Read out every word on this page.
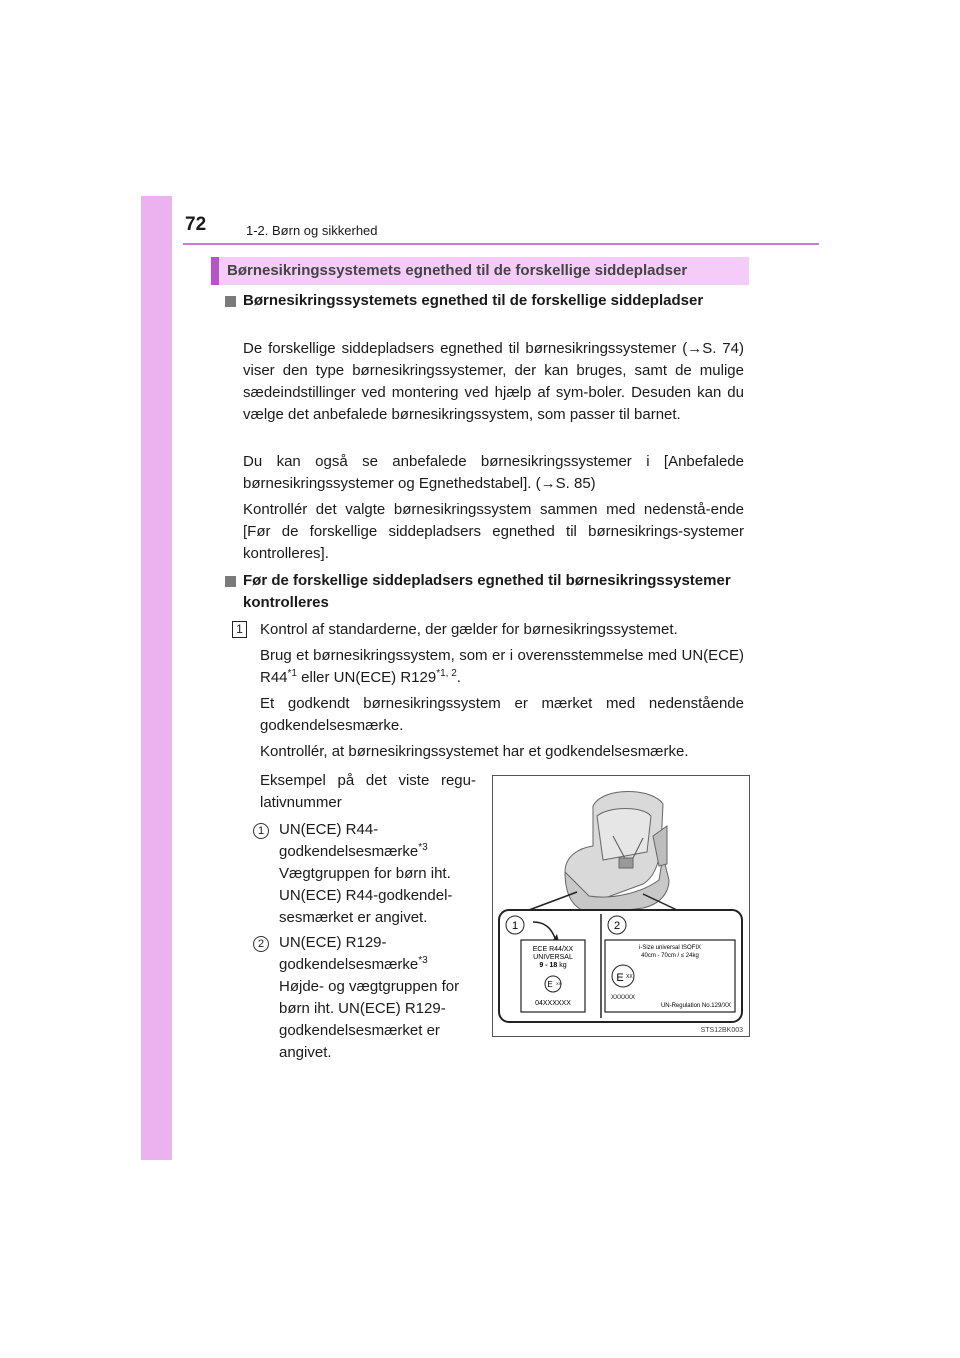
72	1-2. Børn og sikkerhed
Børnesikringssystemets egnethed til de forskellige siddepladser
Børnesikringssystemets egnethed til de forskellige siddepladser
De forskellige siddepladsers egnethed til børnesikringssystemer (→S. 74) viser den type børnesikringssystemer, der kan bruges, samt de mulige sædeindstillinger ved montering ved hjælp af sym-boler. Desuden kan du vælge det anbefalede børnesikringssystem, som passer til barnet.
Du kan også se anbefalede børnesikringssystemer i [Anbefalede børnesikringssystemer og Egnethedstabel]. (→S. 85)
Kontrollér det valgte børnesikringssystem sammen med nedenstå-ende [Før de forskellige siddepladsers egnethed til børnesikrings-systemer kontrolleres].
Før de forskellige siddepladsers egnethed til børnesikringssystemer kontrolleres
1 Kontrol af standarderne, der gælder for børnesikringssystemet.
Brug et børnesikringssystem, som er i overensstemmelse med UN(ECE) R44$^{*1}$ eller UN(ECE) R129$^{*1, 2}$.
Et godkendt børnesikringssystem er mærket med nedenstående godkendelsesmærke.
Kontrollér, at børnesikringssystemet har et godkendelsesmærke.
Eksempel på det viste regu-lativnummer
1 UN(ECE) R44-godkendelsesmærke$^{*3}$
Vægtgruppen for børn iht. UN(ECE) R44-godkendel-sesmærket er angivet.
2 UN(ECE) R129-godkendelsesmærke$^{*3}$
Højde- og vægtgruppen for børn iht. UN(ECE) R129-godkendelsesmærket er angivet.
1	2
ECE R44/XX
UNIVERSAL
9 - 18 kg
E XX
04XXXXXX
i-Size universal ISOFIX
40cm - 70cm / ≤ 24kg
E XX
XXXXXX
UN-Regulation No.129/XX
STS12BK003
